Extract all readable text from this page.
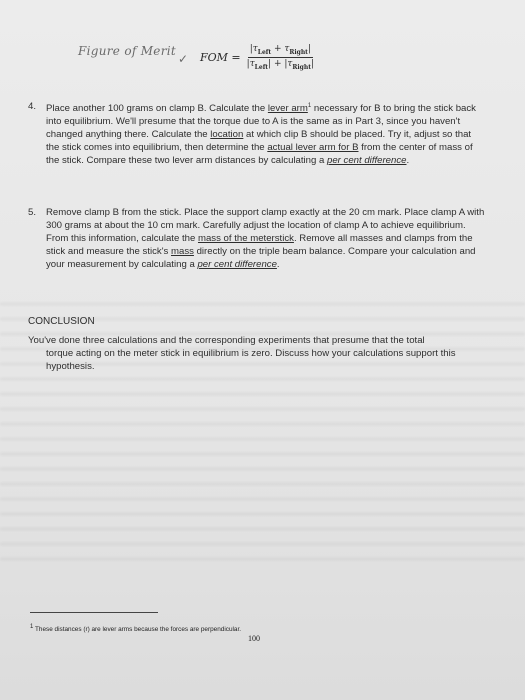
Figure of Merit
✓ FOM = $\frac{|\tau_{Left} + \tau_{Right}|}{|\tau_{Left}| + |\tau_{Right}|}$
4. Place another 100 grams on clamp B. Calculate the lever arm$^1$ necessary for B to bring the stick back into equilibrium. We'll presume that the torque due to A is the same as in Part 3, since you haven't changed anything there. Calculate the location at which clip B should be placed. Try it, adjust so that the stick comes into equilibrium, then determine the actual lever arm for B from the center of mass of the stick. Compare these two lever arm distances by calculating a per cent difference.
5. Remove clamp B from the stick. Place the support clamp exactly at the 20 cm mark. Place clamp A with 300 grams at about the 10 cm mark. Carefully adjust the location of clamp A to achieve equilibrium. From this information, calculate the mass of the meterstick. Remove all masses and clamps from the stick and measure the stick's mass directly on the triple beam balance. Compare your calculation and your measurement by calculating a per cent difference.
CONCLUSION
You've done three calculations and the corresponding experiments that presume that the total
torque acting on the meter stick in equilibrium is zero. Discuss how your calculations support this hypothesis.
$^1$ These distances (r) are lever arms because the forces are perpendicular.
100
